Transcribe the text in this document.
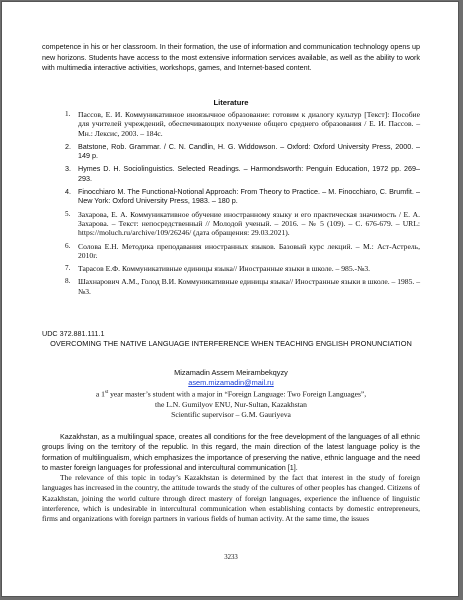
competence in his or her classroom. In their formation, the use of information and communication technology opens up new horizons. Students have access to the most extensive information services available, as well as the ability to work with multimedia interactive activities, workshops, games, and Internet-based content.
Literature
1. Пассов, Е. И. Коммуникативное иноязычное образование: готовим к диалогу культур [Текст]: Пособие для учителей учреждений, обеспечивающих получение общего среднего образования / Е. И. Пассов. – Мн.: Лексис, 2003. – 184с.
2. Batstone, Rob. Grammar. / C. N. Candlin, H. G. Widdowson. – Oxford: Oxford University Press, 2000. – 149 p.
3. Hymes D. H. Sociolinguistics. Selected Readings. – Harmondsworth: Penguin Education, 1972 pp. 269–293.
4. Finocchiaro M. The Functional-Notional Approach: From Theory to Practice. – M. Finocchiaro, C. Brumfit. – New York: Oxford University Press, 1983. – 180 p.
5. Захарова, Е. А. Коммуникативное обучение иностранному языку и его практическая значимость / Е. А. Захарова. – Текст: непосредственный // Молодой ученый. – 2016. – № 5 (109). – С. 676-679. – URL: https://moluch.ru/archive/109/26246/ (дата обращения: 29.03.2021).
6. Солова Е.Н. Методика преподавания иностранных языков. Базовый курс лекций. – М.: Аст-Астрель, 2010г.
7. Тарасов Е.Ф. Коммуникативные единицы языка// Иностранные языки в школе. – 985.-№3.
8. Шахнарович А.М., Голод В.И. Коммуникативные единицы языка// Иностранные языки в школе. – 1985. – №3.
UDC 372.881.111.1
OVERCOMING THE NATIVE LANGUAGE INTERFERENCE WHEN TEACHING ENGLISH PRONUNCIATION
Mizamadin Assem Meirambekqyzy
asem.mizamadin@mail.ru
a 1st year master’s student with a major in “Foreign Language: Two Foreign Languages”,
the L.N. Gumilyov ENU, Nur-Sultan, Kazakhstan
Scientific supervisor – G.M. Gauriyeva

Kazakhstan, as a multilingual space, creates all conditions for the free development of the languages of all ethnic groups living on the territory of the republic. In this regard, the main direction of the latest language policy is the formation of multilingualism, which emphasizes the importance of preserving the native, ethnic language and the need to master foreign languages for professional and intercultural communication [1].

The relevance of this topic in today’s Kazakhstan is determined by the fact that interest in the study of foreign languages has increased in the country, the attitude towards the study of the cultures of other peoples has changed. Citizens of Kazakhstan, joining the world culture through direct mastery of foreign languages, experience the influence of linguistic interference, which is undesirable in intercultural communication when establishing contacts by domestic entrepreneurs, firms and organizations with foreign partners in various fields of human activity. At the same time, the issues

3233
